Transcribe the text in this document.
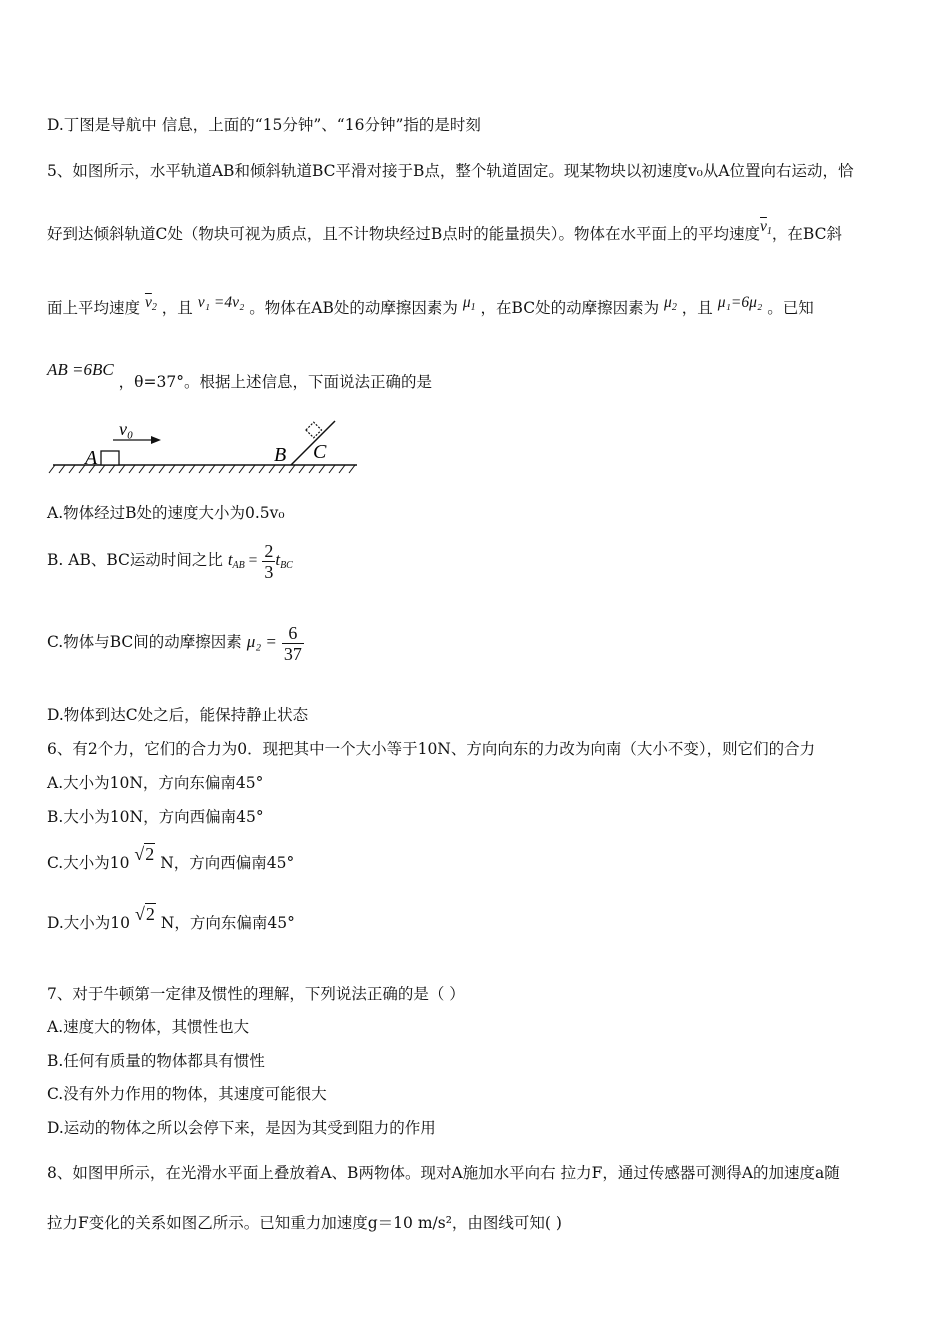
D.丁图是导航中 信息，上面的“15分钟”、“16分钟”指的是时刻
5、如图所示，水平轨道AB和倾斜轨道BC平滑对接于B点，整个轨道固定。现某物块以初速度v₀从A位置向右运动，恰
好到达倾斜轨道C处（物块可视为质点，且不计物块经过B点时的能量损失）。物体在水平面上的平均速度$\overline{v}_1$，在BC斜
面上平均速度 $\overline{v}_2$ ，且 v₁ =4v₂ 。物体在AB处的动摩擦因素为 $\mu_1$ ，在BC处的动摩擦因素为 $\mu_2$ ，且 μ₁=6μ₂ 。已知
AB =6BC ，θ=37°。根据上述信息，下面说法正确的是
v₀
A	B C
A.物体经过B处的速度大小为0.5v₀
B. AB、BC运动时间之比 $t_{AB} = \frac{2}{3} t_{BC}$
C.物体与BC间的动摩擦因素 $\mu_2 = \frac{6}{37}$
D.物体到达C处之后，能保持静止状态
6、有2个力，它们的合力为0．现把其中一个大小等于10N、方向向东的力改为向南（大小不变），则它们的合力
A.大小为10N，方向东偏南45°
B.大小为10N，方向西偏南45°
C.大小为10 √2 N，方向西偏南45°
D.大小为10 √2 N，方向东偏南45°
7、对于牛顿第一定律及惯性的理解，下列说法正确的是（ ）
A.速度大的物体，其惯性也大
B.任何有质量的物体都具有惯性
C.没有外力作用的物体，其速度可能很大
D.运动的物体之所以会停下来，是因为其受到阻力的作用
8、如图甲所示，在光滑水平面上叠放着A、B两物体。现对A施加水平向右 拉力F，通过传感器可测得A的加速度a随
拉力F变化的关系如图乙所示。已知重力加速度g＝10 m/s²，由图线可知( )
